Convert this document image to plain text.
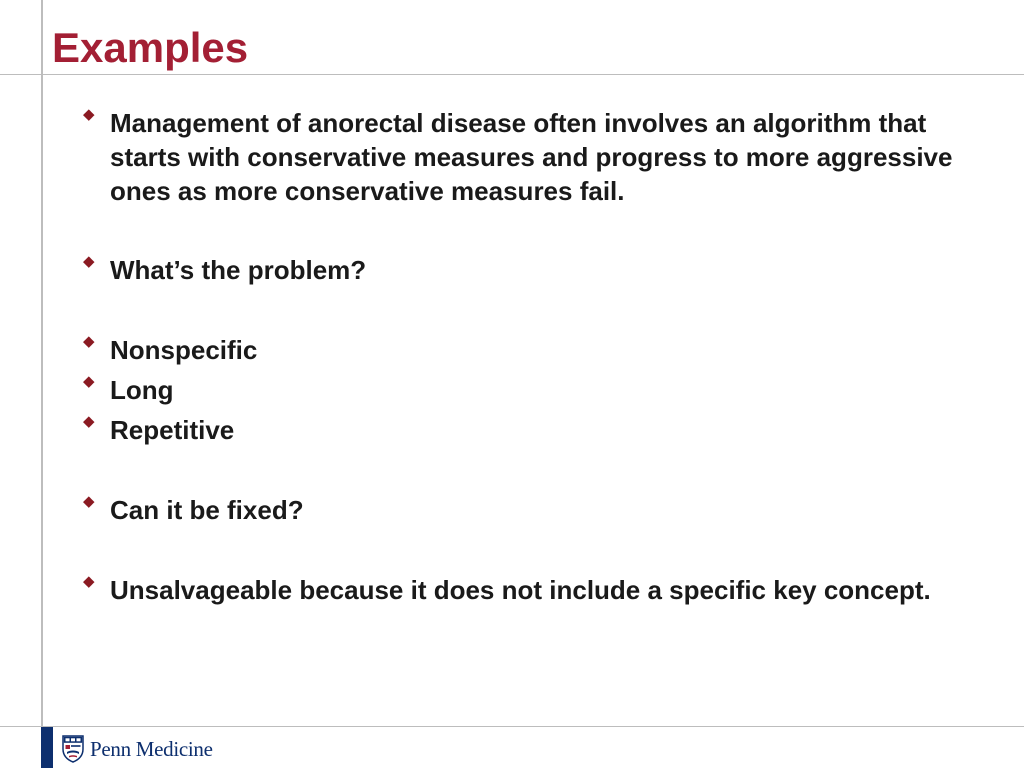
Examples
◆ Management of anorectal disease often involves an algorithm that starts with conservative measures and progress to more aggressive ones as more conservative measures fail.
◆ What’s the problem?
◆ Nonspecific
◆ Long
◆ Repetitive
◆ Can it be fixed?
◆ Unsalvageable because it does not include a specific key concept.
Penn Medicine
